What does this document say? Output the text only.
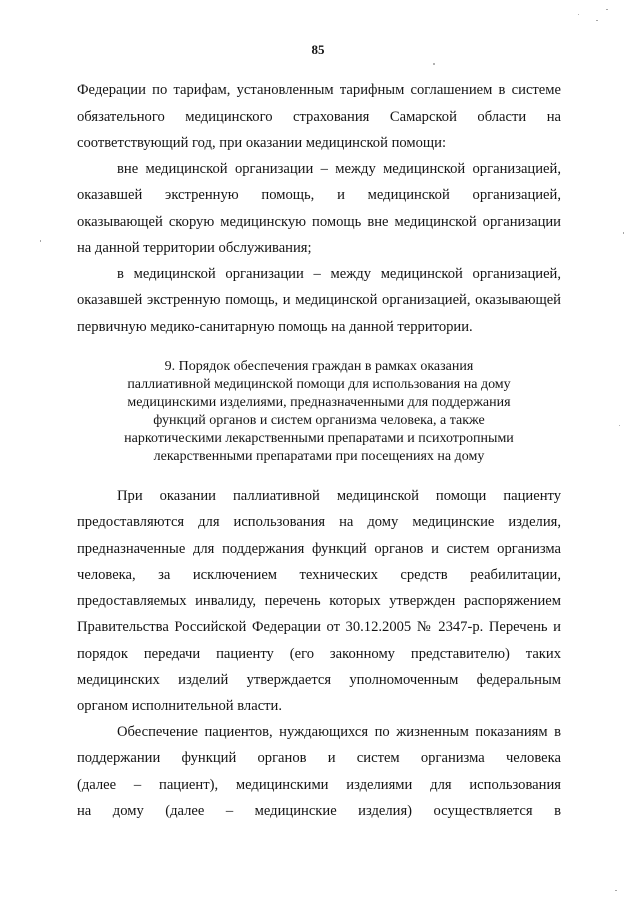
85
Федерации по тарифам, установленным тарифным соглашением в системе
обязательного медицинского страхования Самарской области на
соответствующий год, при оказании медицинской помощи:
вне медицинской организации – между медицинской организацией,
оказавшей экстренную помощь, и медицинской организацией,
оказывающей скорую медицинскую помощь вне медицинской организации
на данной территории обслуживания;
в медицинской организации – между медицинской организацией,
оказавшей экстренную помощь, и медицинской организацией, оказывающей
первичную медико-санитарную помощь на данной территории.
9. Порядок обеспечения граждан в рамках оказания
паллиативной медицинской помощи для использования на дому
медицинскими изделиями, предназначенными для поддержания
функций органов и систем организма человека, а также
наркотическими лекарственными препаратами и психотропными
лекарственными препаратами при посещениях на дому
При оказании паллиативной медицинской помощи пациенту
предоставляются для использования на дому медицинские изделия,
предназначенные для поддержания функций органов и систем организма
человека, за исключением технических средств реабилитации,
предоставляемых инвалиду, перечень которых утвержден распоряжением
Правительства Российской Федерации от 30.12.2005 № 2347-р. Перечень и
порядок передачи пациенту (его законному представителю) таких
медицинских изделий утверждается уполномоченным федеральным
органом исполнительной власти.
Обеспечение пациентов, нуждающихся по жизненным показаниям в
поддержании функций органов и систем организма человека
(далее – пациент), медицинскими изделиями для использования
на дому (далее – медицинские изделия) осуществляется в
